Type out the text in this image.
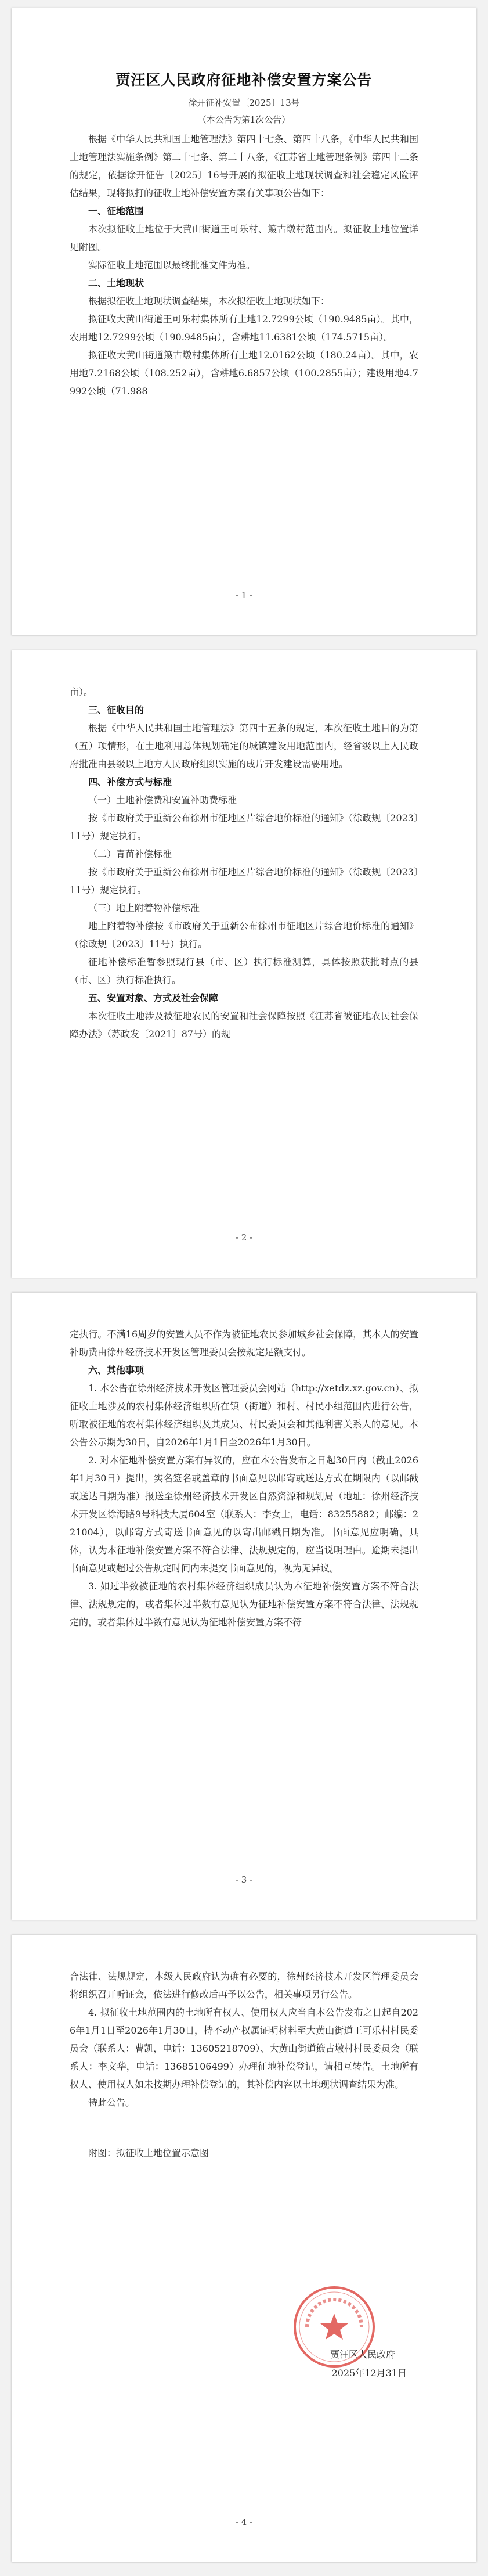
贾汪区人民政府征地补偿安置方案公告
徐开征补安置〔2025〕13号
（本公告为第1次公告）

根据《中华人民共和国土地管理法》第四十七条、第四十八条，《中华人民共和国土地管理法实施条例》第二十七条、第二十八条，《江苏省土地管理条例》第四十二条的规定，依据徐开征告〔2025〕16号开展的拟征收土地现状调查和社会稳定风险评估结果，现将拟打的征收土地补偿安置方案有关事项公告如下：

一、征地范围

本次拟征收土地位于大黄山街道王可乐村、簸古墩村范围内。拟征收土地位置详见附图。

实际征收土地范围以最终批准文件为准。

二、土地现状

根据拟征收土地现状调查结果，本次拟征收土地现状如下：

拟征收大黄山街道王可乐村集体所有土地12.7299公顷（190.9485亩）。其中，农用地12.7299公顷（190.9485亩），含耕地11.6381公顷（174.5715亩）。

拟征收大黄山街道簸古墩村集体所有土地12.0162公顷（180.24亩）。其中，农用地7.2168公顷（108.252亩），含耕地6.6857公顷（100.2855亩）；建设用地4.7992公顷（71.988

- 1 -

亩）。

三、征收目的

根据《中华人民共和国土地管理法》第四十五条的规定，本次征收土地目的为第（五）项情形，在土地利用总体规划确定的城镇建设用地范围内，经省级以上人民政府批准由县级以上地方人民政府组织实施的成片开发建设需要用地。

四、补偿方式与标准

（一）土地补偿费和安置补助费标准

按《市政府关于重新公布徐州市征地区片综合地价标准的通知》（徐政规〔2023〕11号）规定执行。

（二）青苗补偿标准

按《市政府关于重新公布徐州市征地区片综合地价标准的通知》（徐政规〔2023〕11号）规定执行。

（三）地上附着物补偿标准

地上附着物补偿按《市政府关于重新公布徐州市征地区片综合地价标准的通知》（徐政规〔2023〕11号）执行。

征地补偿标准暂参照现行县（市、区）执行标准测算，具体按照获批时点的县（市、区）执行标准执行。

五、安置对象、方式及社会保障

本次征收土地涉及被征地农民的安置和社会保障按照《江苏省被征地农民社会保障办法》（苏政发〔2021〕87号）的规

- 2 -

定执行。不满16周岁的安置人员不作为被征地农民参加城乡社会保障，其本人的安置补助费由徐州经济技术开发区管理委员会按规定足额支付。

六、其他事项

1. 本公告在徐州经济技术开发区管理委员会网站（http://xetdz.xz.gov.cn）、拟征收土地涉及的农村集体经济组织所在镇（街道）和村、村民小组范围内进行公告，听取被征地的农村集体经济组织及其成员、村民委员会和其他利害关系人的意见。本公告公示期为30日，自2026年1月1日至2026年1月30日。

2. 对本征地补偿安置方案有异议的，应在本公告发布之日起30日内（截止2026年1月30日）提出，实名签名或盖章的书面意见以邮寄或送达方式在期限内（以邮戳或送达日期为准）报送至徐州经济技术开发区自然资源和规划局（地址：徐州经济技术开发区徐海路9号科技大厦604室（联系人：李女士，电话：83255882；邮编：221004），以邮寄方式寄送书面意见的以寄出邮戳日期为准。书面意见应明确，具体，认为本征地补偿安置方案不符合法律、法规规定的，应当说明理由。逾期未提出书面意见或超过公告规定时间内未提交书面意见的，视为无异议。

3. 如过半数被征地的农村集体经济组织成员认为本征地补偿安置方案不符合法律、法规规定的，或者集体过半数有意见认为征地补偿安置方案不符合法律、法规规定的，或者集体过半数有意见认为征地补偿安置方案不符

- 3 -

合法律、法规规定，本级人民政府认为确有必要的，徐州经济技术开发区管理委员会将组织召开听证会，依法进行修改后再予以公告，相关事项另行公告。

4. 拟征收土地范围内的土地所有权人、使用权人应当自本公告发布之日起自2026年1月1日至2026年1月30日，持不动产权属证明材料至大黄山街道王可乐村村民委员会（联系人：曹凯，电话：13605218709）、大黄山街道簸古墩村村民委员会（联系人：李文华，电话：13685106499）办理征地补偿登记，请相互转告。土地所有权人、使用权人如未按期办理补偿登记的，其补偿内容以土地现状调查结果为准。

特此公告。

附图：拟征收土地位置示意图

贾汪区人民政府
2025年12月31日
- 4 -
